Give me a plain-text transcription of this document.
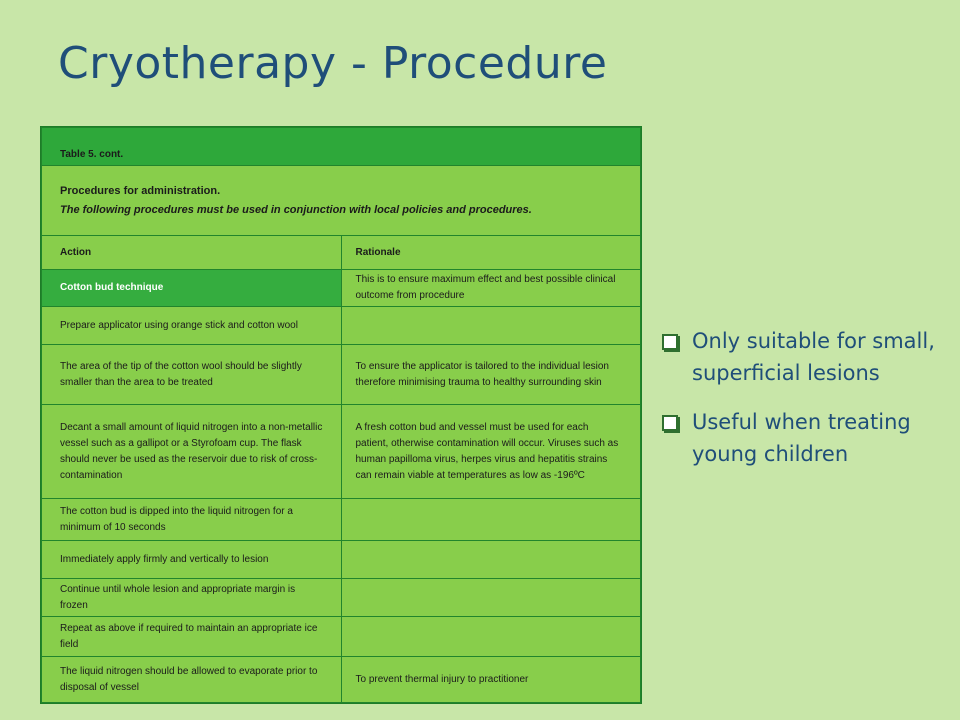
Cryotherapy - Procedure
Table 5. cont.	

Procedures for administration.
The following procedures must be used in conjunction with local policies and procedures.	

Action	Rationale
Cotton bud technique	This is to ensure maximum effect and best possible clinical outcome from procedure
Prepare applicator using orange stick and cotton wool	
The area of the tip of the cotton wool should be slightly smaller than the area to be treated	To ensure the applicator is tailored to the individual lesion therefore minimising trauma to healthy surrounding skin
Decant a small amount of liquid nitrogen into a non-metallic vessel such as a gallipot or a Styrofoam cup. The flask should never be used as the reservoir due to risk of cross-contamination	A fresh cotton bud and vessel must be used for each patient, otherwise contamination will occur. Viruses such as human papilloma virus, herpes virus and hepatitis strains can remain viable at temperatures as low as -196ºC
The cotton bud is dipped into the liquid nitrogen for a minimum of 10 seconds	
Immediately apply firmly and vertically to lesion	
Continue until whole lesion and appropriate margin is frozen	
Repeat as above if required to maintain an appropriate ice field	
The liquid nitrogen should be allowed to evaporate prior to disposal of vessel	To prevent thermal injury to practitioner
Only suitable for small, superficial lesions
Useful when treating young children
